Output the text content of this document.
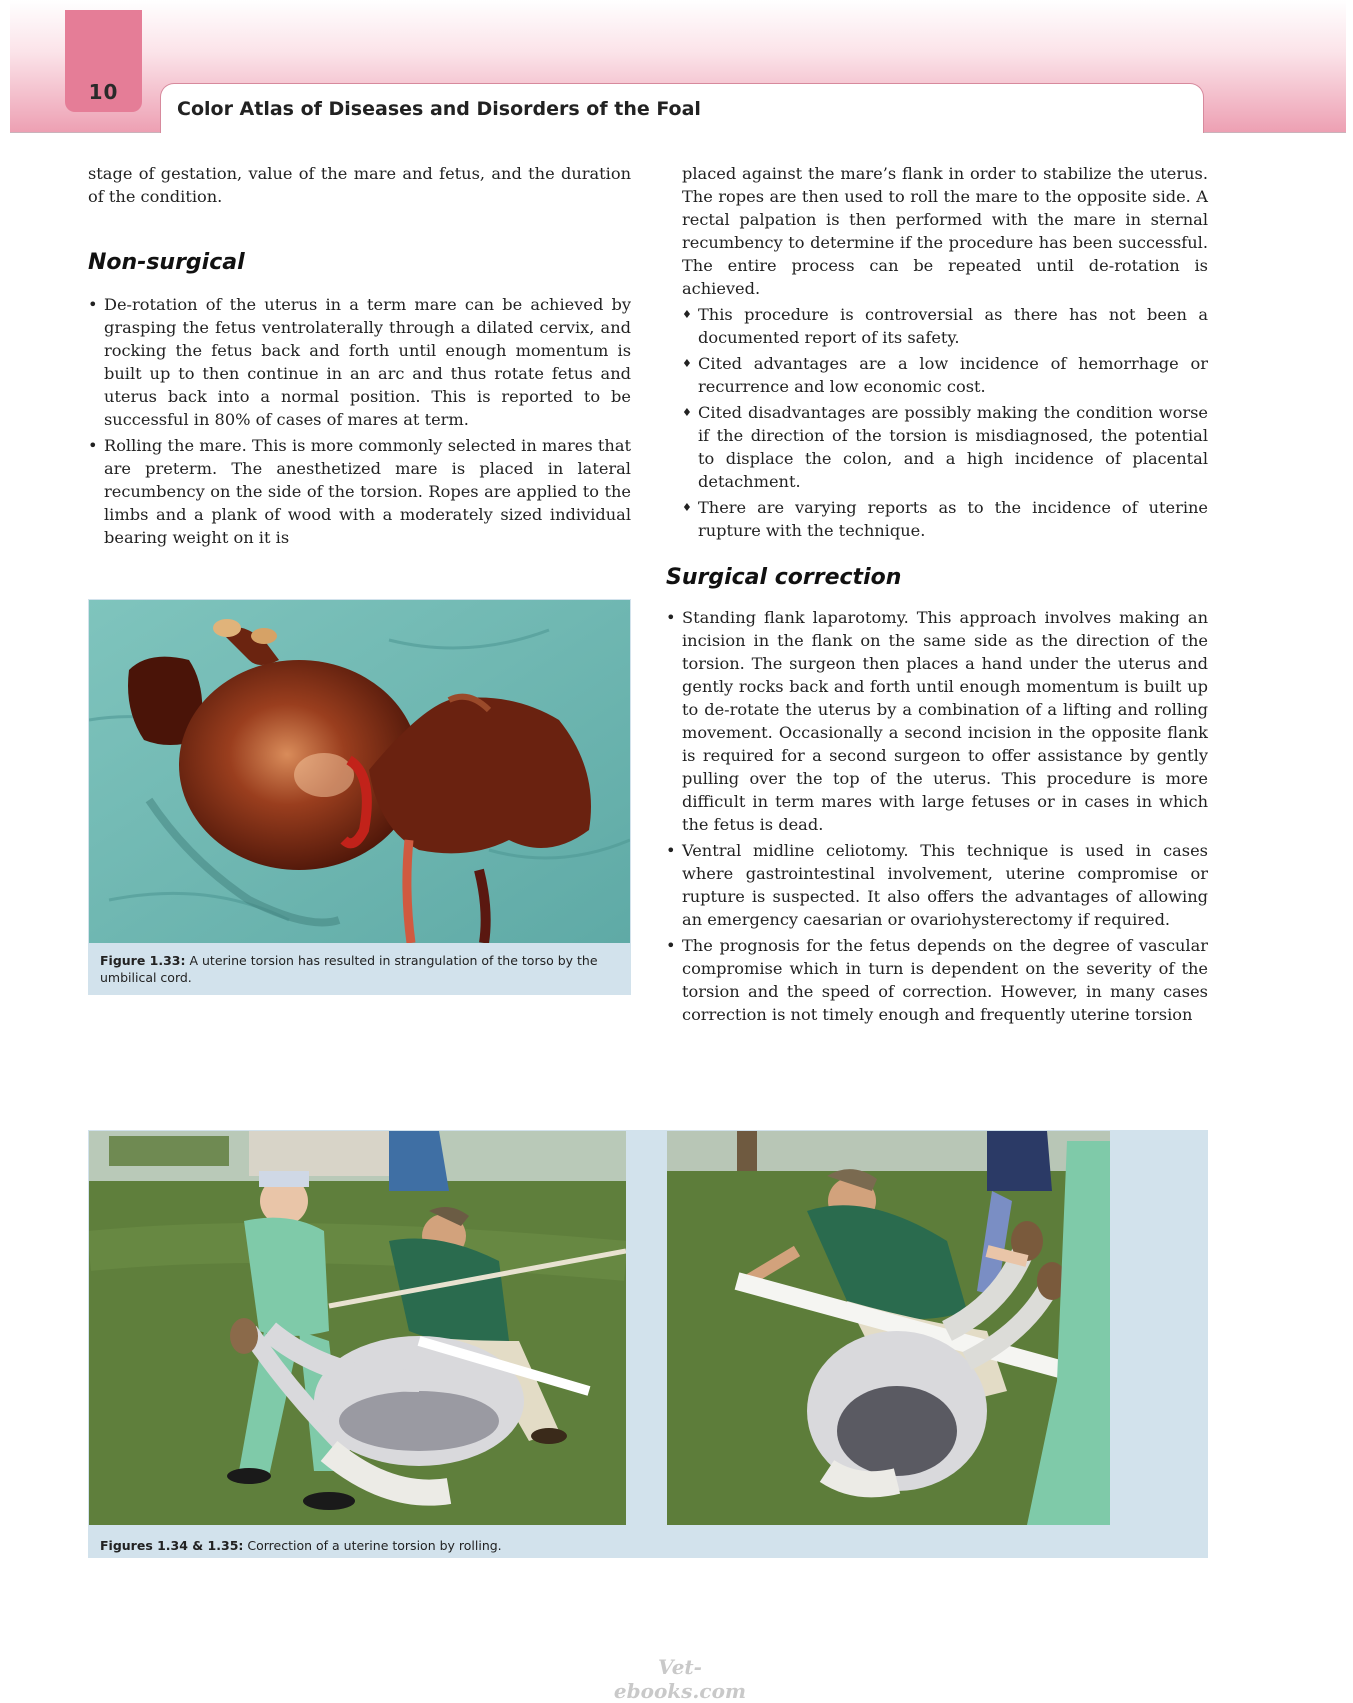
10
Color Atlas of Diseases and Disorders of the Foal

stage of gestation, value of the mare and fetus, and the duration of the condition.

Non-surgical
• De-rotation of the uterus in a term mare can be achieved by grasping the fetus ventrolaterally through a dilated cervix, and rocking the fetus back and forth until enough momentum is built up to then continue in an arc and thus rotate fetus and uterus back into a normal position. This is reported to be successful in 80% of cases of mares at term.
• Rolling the mare. This is more commonly selected in mares that are preterm. The anesthetized mare is placed in lateral recumbency on the side of the torsion. Ropes are applied to the limbs and a plank of wood with a moderately sized individual bearing weight on it is

placed against the mare’s flank in order to stabilize the uterus. The ropes are then used to roll the mare to the opposite side. A rectal palpation is then performed with the mare in sternal recumbency to determine if the procedure has been successful. The entire process can be repeated until de-rotation is achieved.

♦ This procedure is controversial as there has not been a documented report of its safety.
♦ Cited advantages are a low incidence of hemorrhage or recurrence and low economic cost.
♦ Cited disadvantages are possibly making the condition worse if the direction of the torsion is misdiagnosed, the potential to displace the colon, and a high incidence of placental detachment.
♦ There are varying reports as to the incidence of uterine rupture with the technique.
Surgical correction
• Standing flank laparotomy. This approach involves making an incision in the flank on the same side as the direction of the torsion. The surgeon then places a hand under the uterus and gently rocks back and forth until enough momentum is built up to de-rotate the uterus by a combination of a lifting and rolling movement. Occasionally a second incision in the opposite flank is required for a second surgeon to offer assistance by gently pulling over the top of the uterus. This procedure is more difficult in term mares with large fetuses or in cases in which the fetus is dead.
• Ventral midline celiotomy. This technique is used in cases where gastrointestinal involvement, uterine compromise or rupture is suspected. It also offers the advantages of allowing an emergency caesarian or ovariohysterectomy if required.
• The prognosis for the fetus depends on the degree of vascular compromise which in turn is dependent on the severity of the torsion and the speed of correction. However, in many cases correction is not timely enough and frequently uterine torsion
Figure 1.33: A uterine torsion has resulted in strangulation of the torso by the umbilical cord.
Figures 1.34 & 1.35: Correction of a uterine torsion by rolling.
Vet-ebooks.com
